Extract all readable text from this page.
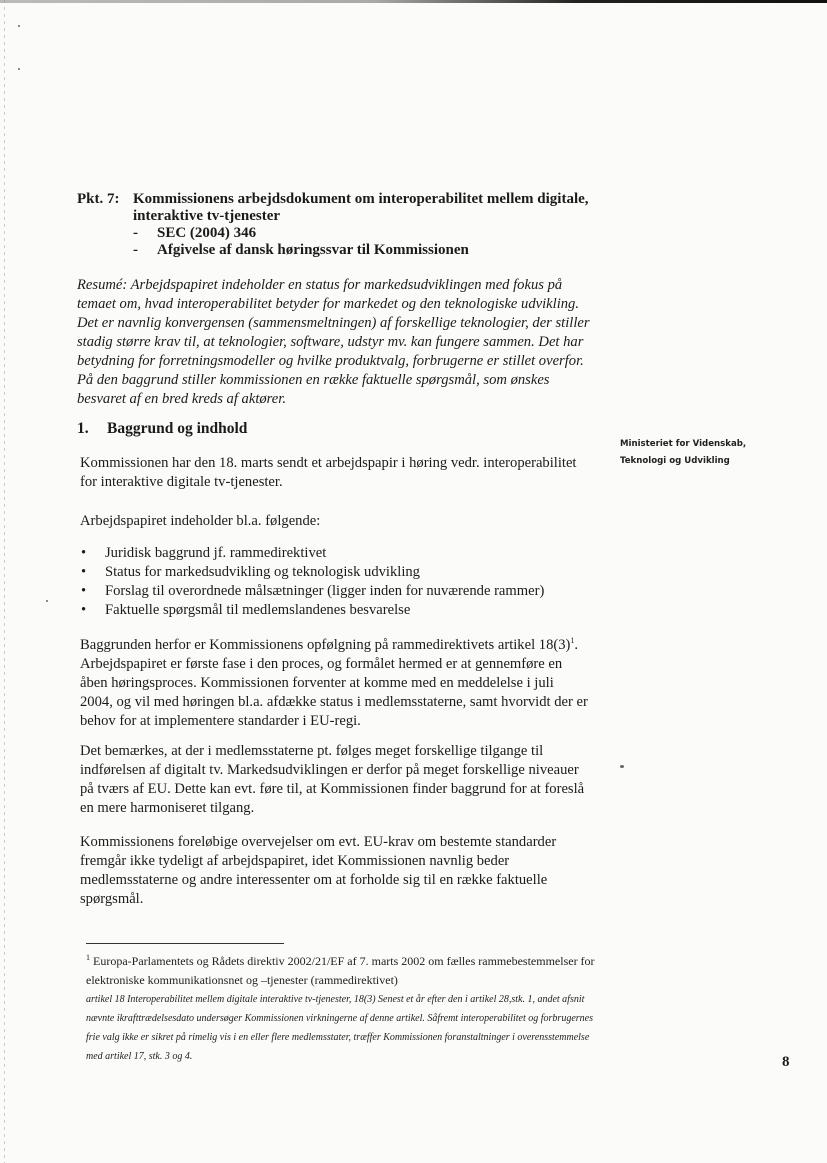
Pkt. 7: Kommissionens arbejdsdokument om interoperabilitet mellem digitale, interaktive tv-tjenester
-	SEC (2004) 346
-	Afgivelse af dansk høringssvar til Kommissionen
Resumé: Arbejdspapiret indeholder en status for markedsudviklingen med fokus på temaet om, hvad interoperabilitet betyder for markedet og den teknologiske udvikling. Det er navnlig konvergensen (sammensmeltningen) af forskellige teknologier, der stiller stadig større krav til, at teknologier, software, udstyr mv. kan fungere sammen. Det har betydning for forretningsmodeller og hvilke produktvalg, forbrugerne er stillet overfor. På den baggrund stiller kommissionen en række faktuelle spørgsmål, som ønskes besvaret af en bred kreds af aktører.
1. Baggrund og indhold
Ministeriet for Videnskab,
Teknologi og Udvikling

Kommissionen har den 18. marts sendt et arbejdspapir i høring vedr. interoperabilitet for interaktive digitale tv-tjenester.

Arbejdspapiret indeholder bl.a. følgende:

• Juridisk baggrund jf. rammedirektivet
• Status for markedsudvikling og teknologisk udvikling
• Forslag til overordnede målsætninger (ligger inden for nuværende rammer)
• Faktuelle spørgsmål til medlemslandenes besvarelse

Baggrunden herfor er Kommissionens opfølgning på rammedirektivets artikel $18(3)^1$. Arbejdspapiret er første fase i den proces, og formålet hermed er at gennemføre en åben høringsproces. Kommissionen forventer at komme med en meddelelse i juli 2004, og vil med høringen bl.a. afdække status i medlemsstaterne, samt hvorvidt der er behov for at implementere standarder i EU-regi.

Det bemærkes, at der i medlemsstaterne pt. følges meget forskellige tilgange til indførelsen af digitalt tv. Markedsudviklingen er derfor på meget forskellige niveauer på tværs af EU. Dette kan evt. føre til, at Kommissionen finder baggrund for at foreslå en mere harmoniseret tilgang.

Kommissionens foreløbige overvejelser om evt. EU-krav om bestemte standarder fremgår ikke tydeligt af arbejdspapiret, idet Kommissionen navnlig beder medlemsstaterne og andre interessenter om at forholde sig til en række faktuelle spørgsmål.

$^1$ Europa-Parlamentets og Rådets direktiv 2002/21/EF af 7. marts 2002 om fælles rammebestemmelser for elektroniske kommunikationsnet og –tjenester (rammedirektivet)
artikel 18 Interoperabilitet mellem digitale interaktive tv-tjenester, 18(3) Senest et år efter den i artikel 28,stk. 1, andet afsnit nævnte ikrafttrædelsesdato undersøger Kommissionen virkningerne af denne artikel. Såfremt interoperabilitet og forbrugernes frie valg ikke er sikret på rimelig vis i en eller flere medlemsstater, træffer Kommissionen foranstaltninger i overensstemmelse med artikel 17, stk. 3 og 4.	8
